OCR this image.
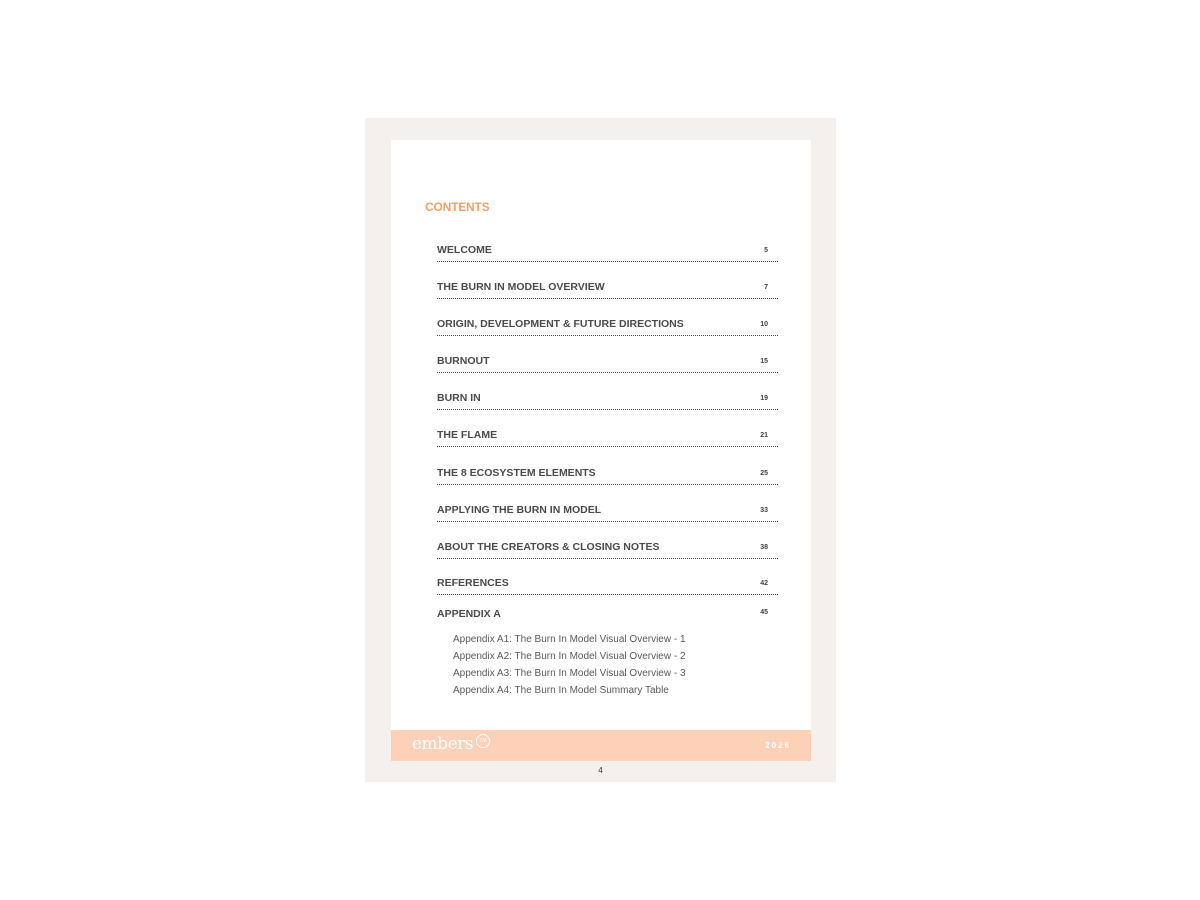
CONTENTS
WELCOME	5
THE BURN IN MODEL OVERVIEW	7
ORIGIN, DEVELOPMENT & FUTURE DIRECTIONS	10
BURNOUT	15
BURN IN	19
THE FLAME	21
THE 8 ECOSYSTEM ELEMENTS	25
APPLYING THE BURN IN MODEL	33
ABOUT THE CREATORS & CLOSING NOTES	38
REFERENCES	42
APPENDIX A	45
Appendix A1: The Burn In Model Visual Overview - 1
Appendix A2: The Burn In Model Visual Overview - 2
Appendix A3: The Burn In Model Visual Overview - 3
Appendix A4: The Burn In Model Summary Table
embers TM	2026
4
